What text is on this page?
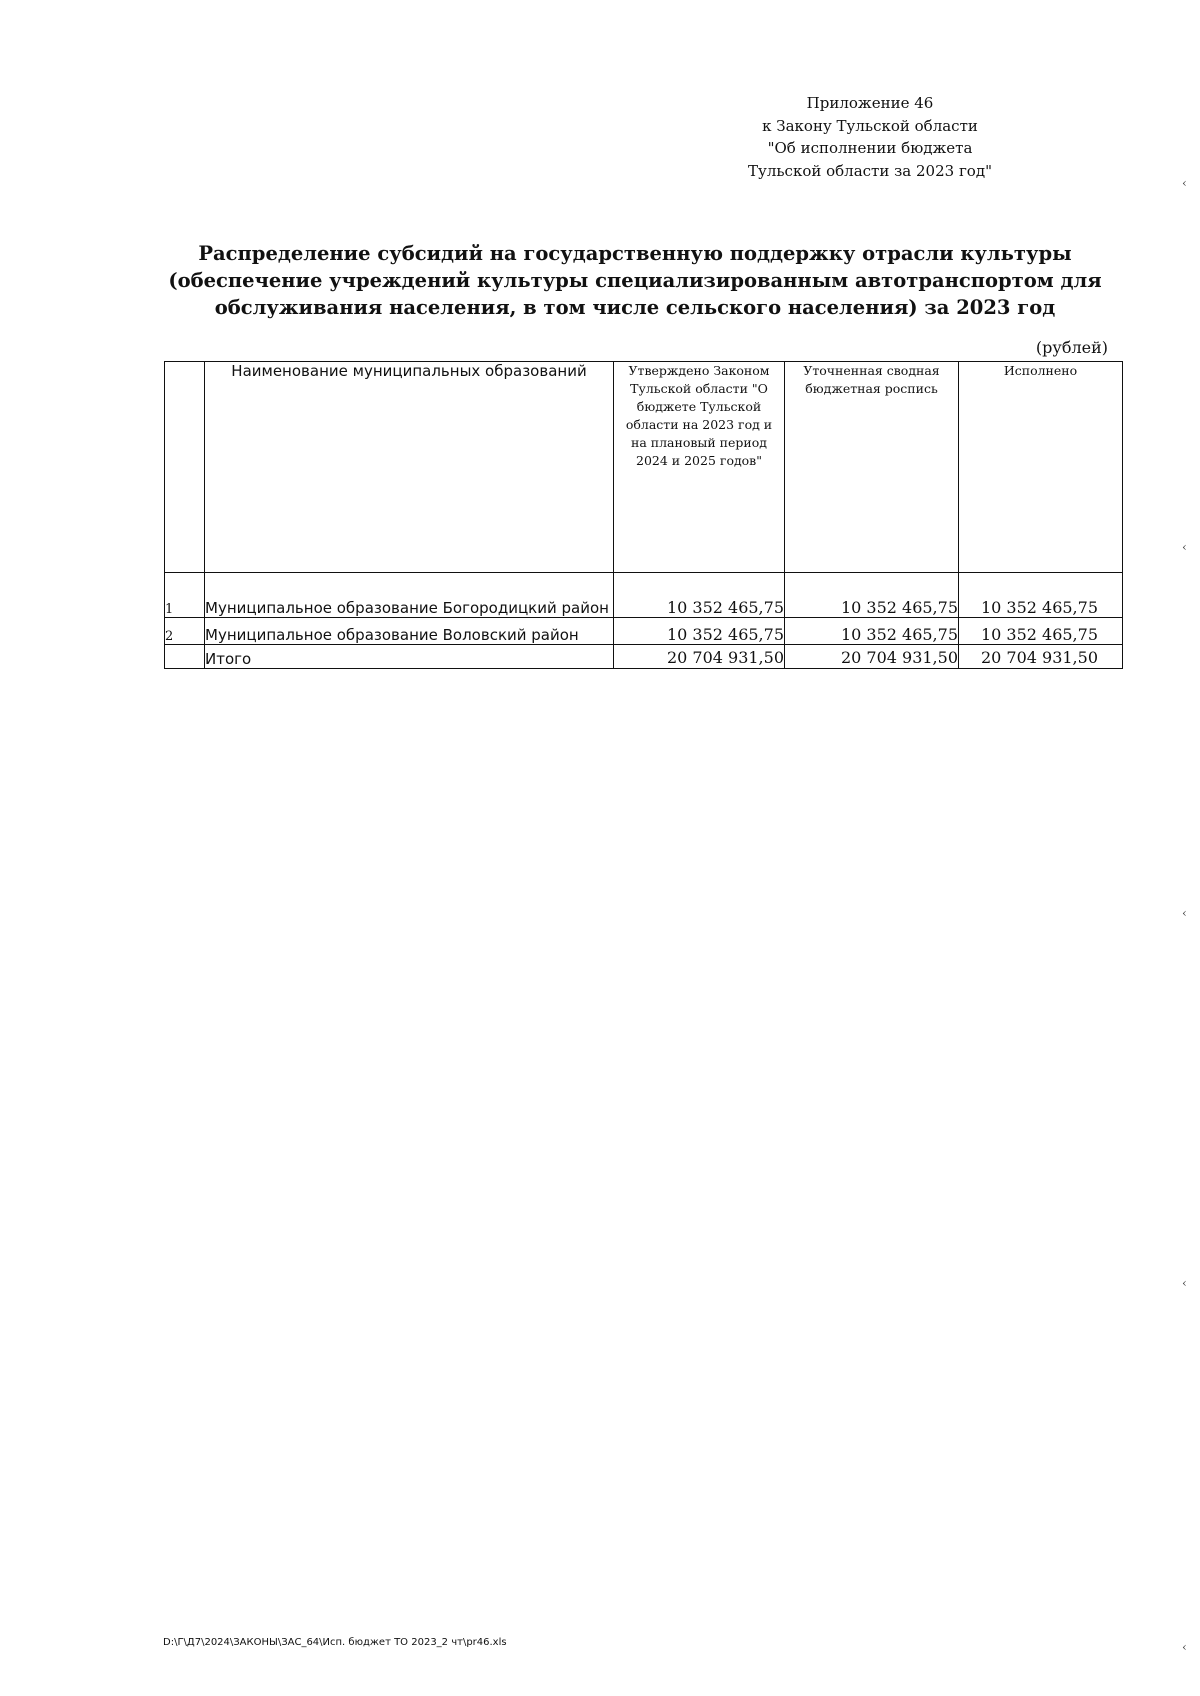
Приложение 46
к Закону Тульской области
"Об исполнении бюджета
Тульской области за 2023 год"
Распределение субсидий на государственную поддержку отрасли культуры (обеспечение учреждений культуры специализированным автотранспортом для обслуживания населения, в том числе сельского населения) за 2023 год
(рублей)
	Наименование муниципальных образований	Утверждено Законом Тульской области "О бюджете Тульской области на 2023 год и на плановый период 2024 и 2025 годов"	Уточненная сводная бюджетная роспись	Исполнено

1	Муниципальное образование Богородицкий район	10 352 465,75	10 352 465,75	10 352 465,75
2	Муниципальное образование Воловский район	10 352 465,75	10 352 465,75	10 352 465,75
	Итого	20 704 931,50	20 704 931,50	20 704 931,50
D:\Г\Д7\2024\ЗАКОНЫ\ЗАС_64\Исп. бюджет ТО 2023_2 чт\pr46.xls
‹
‹
‹
‹
‹
